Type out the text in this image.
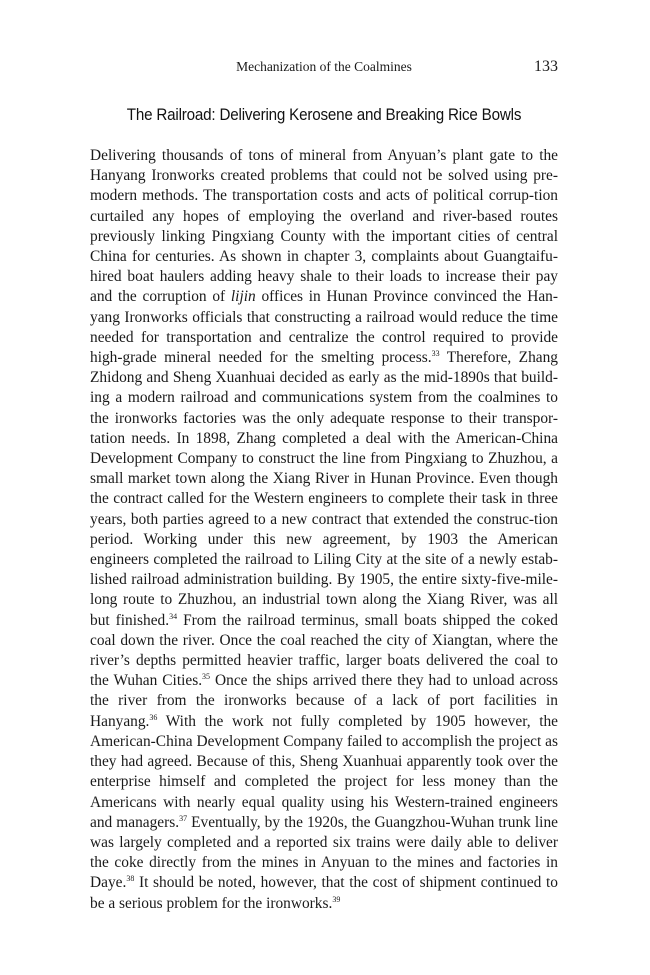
Mechanization of the Coalmines	133
The Railroad: Delivering Kerosene and Breaking Rice Bowls

Delivering thousands of tons of mineral from Anyuan’s plant gate to the Hanyang Ironworks created problems that could not be solved using pre-modern methods. The transportation costs and acts of political corrup-tion curtailed any hopes of employing the overland and river-based routes previously linking Pingxiang County with the important cities of central China for centuries. As shown in chapter 3, complaints about Guangtaifu-hired boat haulers adding heavy shale to their loads to increase their pay and the corruption of lijin offices in Hunan Province convinced the Han-yang Ironworks officials that constructing a railroad would reduce the time needed for transportation and centralize the control required to provide high-grade mineral needed for the smelting process.$^{33}$ Therefore, Zhang Zhidong and Sheng Xuanhuai decided as early as the mid-1890s that build-ing a modern railroad and communications system from the coalmines to the ironworks factories was the only adequate response to their transpor-tation needs. In 1898, Zhang completed a deal with the American-China Development Company to construct the line from Pingxiang to Zhuzhou, a small market town along the Xiang River in Hunan Province. Even though the contract called for the Western engineers to complete their task in three years, both parties agreed to a new contract that extended the construc-tion period. Working under this new agreement, by 1903 the American engineers completed the railroad to Liling City at the site of a newly estab-lished railroad administration building. By 1905, the entire sixty-five-mile-long route to Zhuzhou, an industrial town along the Xiang River, was all but finished.$^{34}$ From the railroad terminus, small boats shipped the coked coal down the river. Once the coal reached the city of Xiangtan, where the river’s depths permitted heavier traffic, larger boats delivered the coal to the Wuhan Cities.$^{35}$ Once the ships arrived there they had to unload across the river from the ironworks because of a lack of port facilities in Hanyang.$^{36}$ With the work not fully completed by 1905 however, the American-China Development Company failed to accomplish the project as they had agreed. Because of this, Sheng Xuanhuai apparently took over the enterprise himself and completed the project for less money than the Americans with nearly equal quality using his Western-trained engineers and managers.$^{37}$ Eventually, by the 1920s, the Guangzhou-Wuhan trunk line was largely completed and a reported six trains were daily able to deliver the coke directly from the mines in Anyuan to the mines and factories in Daye.$^{38}$ It should be noted, however, that the cost of shipment continued to be a serious problem for the ironworks.$^{39}$
